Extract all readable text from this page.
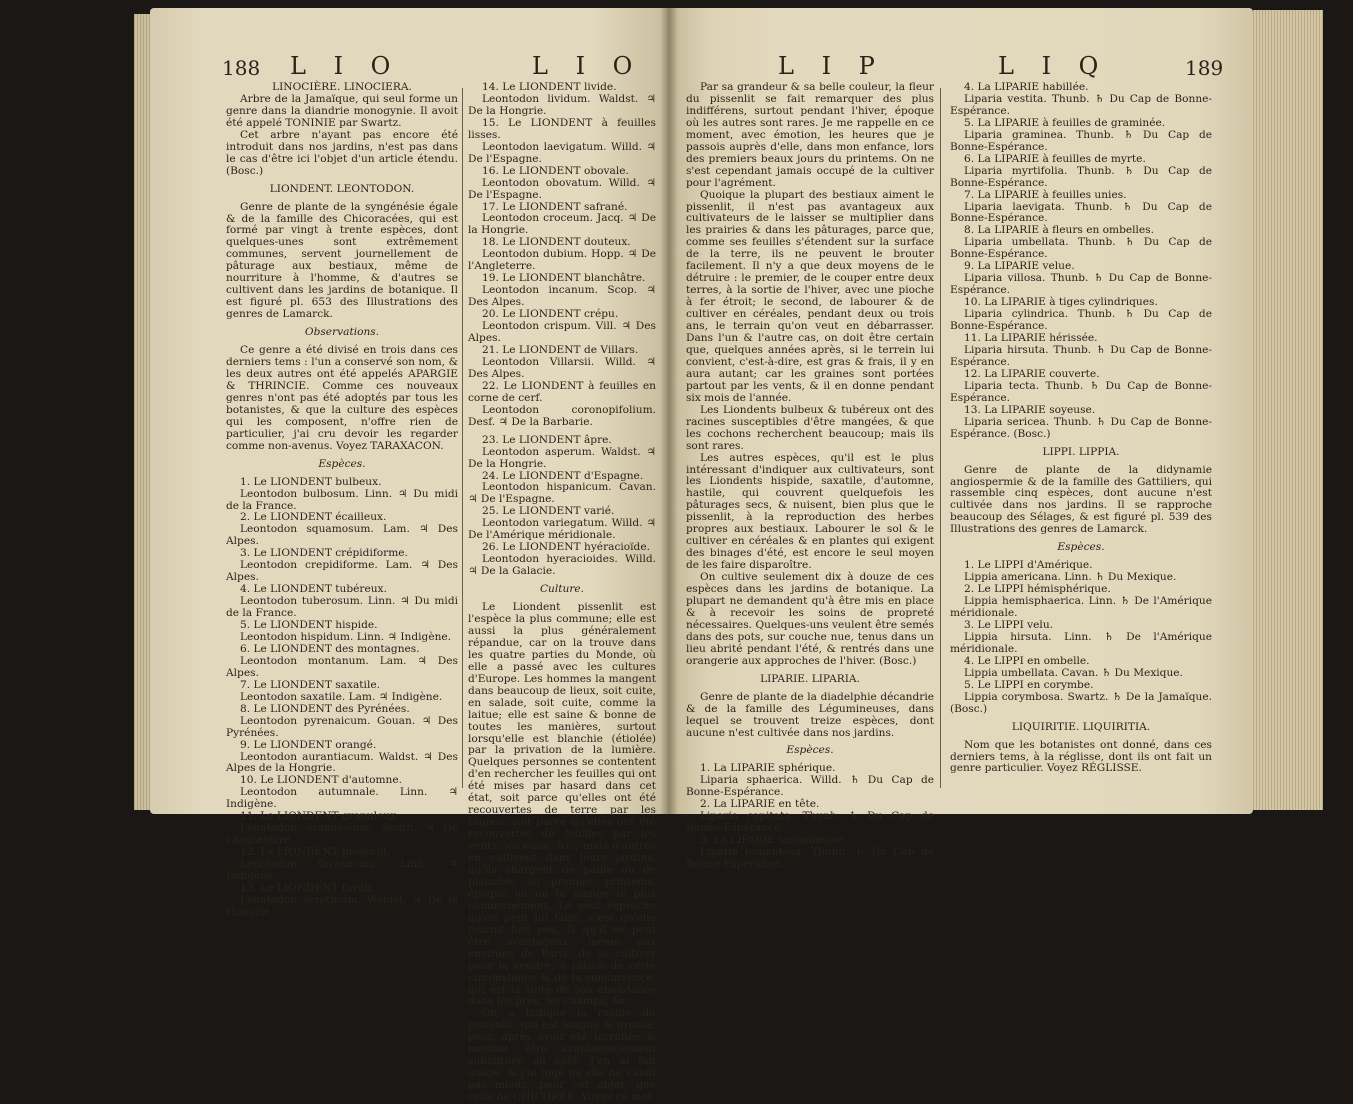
188 L I O	L I O

LINOCIÈRE. LINOCIERA.

Arbre de la Jamaïque, qui seul forme un genre dans la diandrie monogynie. Il avoit été appelé TONINIE par Swartz.

Cet arbre n'ayant pas encore été introduit dans nos jardins, n'est pas dans le cas d'être ici l'objet d'un article étendu. (Bosc.)

LIONDENT. LEONTODON.

Genre de plante de la syngénésie égale & de la famille des Chicoracées, qui est formé par vingt à trente espèces, dont quelques-unes sont extrêmement communes, servent journellement de pâturage aux bestiaux, même de nourriture à l'homme, & d'autres se cultivent dans les jardins de botanique. Il est figuré pl. 653 des Illustrations des genres de Lamarck.

Observations.

Ce genre a été divisé en trois dans ces derniers tems : l'un a conservé son nom, & les deux autres ont été appelés APARGIE & THRINCIE. Comme ces nouveaux genres n'ont pas été adoptés par tous les botanistes, & que la culture des espèces qui les composent, n'offre rien de particulier, j'ai cru devoir les regarder comme non-avenus. Voyez TARAXACON.

Espèces.

1. Le LIONDENT bulbeux.

Leontodon bulbosum. Linn. ♃ Du midi de la France.

2. Le LIONDENT écailleux.

Leontodon squamosum. Lam. ♃ Des Alpes.

3. Le LIONDENT crépidiforme.

Leontodon crepidiforme. Lam. ♃ Des Alpes.

4. Le LIONDENT tubéreux.

Leontodon tuberosum. Linn. ♃ Du midi de la France.

5. Le LIONDENT hispide.

Leontodon hispidum. Linn. ♃ Indigène.

6. Le LIONDENT des montagnes.

Leontodon montanum. Lam. ♃ Des Alpes.

7. Le LIONDENT saxatile.

Leontodon saxatile. Lam. ♃ Indigène.

8. Le LIONDENT des Pyrénées.

Leontodon pyrenaicum. Gouan. ♃ Des Pyrénées.

9. Le LIONDENT orangé.

Leontodon aurantiacum. Waldst. ♃ Des Alpes de la Hongrie.

10. Le LIONDENT d'automne.

Leontodon autumnale. Linn. ♃ Indigène.

11. Le LIONDENT granuleux.

Leontodon granulosum. Smith. ♃ De l'Angleterre.

12. Le LIONDENT pissenlit.

Leontodon taraxacum. Linn. ♃ Indigène.

13. Le LIONDENT tardif.

Leontodon serotinum. Waldst. ♃ De la Hongrie.

14. Le LIONDENT livide.

Leontodon lividum. Waldst. ♃ De la Hongrie.

15. Le LIONDENT à feuilles lisses.

Leontodon laevigatum. Willd. ♃ De l'Espagne.

16. Le LIONDENT obovale.

Leontodon obovatum. Willd. ♃ De l'Espagne.

17. Le LIONDENT safrané.

Leontodon croceum. Jacq. ♃ De la Hongrie.

18. Le LIONDENT douteux.

Leontodon dubium. Hopp. ♃ De l'Angleterre.

19. Le LIONDENT blanchâtre.

Leontodon incanum. Scop. ♃ Des Alpes.

20. Le LIONDENT crépu.

Leontodon crispum. Vill. ♃ Des Alpes.

21. Le LIONDENT de Villars.

Leontodon Villarsii. Willd. ♃ Des Alpes.

22. Le LIONDENT à feuilles en corne de cerf.

Leontodon coronopifolium. Desf. ♃ De la Barbarie.

23. Le LIONDENT âpre.

Leontodon asperum. Waldst. ♃ De la Hongrie.

24. Le LIONDENT d'Espagne.

Leontodon hispanicum. Cavan. ♃ De l'Espagne.

25. Le LIONDENT varié.

Leontodon variegatum. Willd. ♃ De l'Amérique méridionale.

26. Le LIONDENT hyéracioïde.

Leontodon hyeracioides. Willd. ♃ De la Galacie.

Culture.

Le Liondent pissenlit est l'espèce la plus commune; elle est aussi la plus généralement répandue, car on la trouve dans les quatre parties du Monde, où elle a passé avec les cultures d'Europe. Les hommes la mangent dans beaucoup de lieux, soit cuite, en salade, soit cuite, comme la laitue; elle est saine & bonne de toutes les manières, surtout lorsqu'elle est blanchie (étiolée) par la privation de la lumière. Quelques personnes se contentent d'en rechercher les feuilles qui ont été mises par hasard dans cet état, soit parce qu'elles ont été recouvertes de terre par les taupes, soit parce qu'elles ont été recouvertes de feuilles par les vents, les eaux, &c.; mais d'autres en cultivent dans leurs jardins, qu'ils chargent de paille ou de planches au premier printems, époque où on la mange le plus communément. Le seul reproche qu'on peut lui faire, c'est qu'elle fournit fort peu, & qu'il ne peut être avantageux, même aux environs de Paris, de la cultiver pour la vendre, à raison de cette circonstance & de la concurrence, qui est la suite de son abondance dans les prés, les champs, &c.

On a indiqué la racine du pissenlit, qui est longue & grosse, pour, après avoir été torréfiée & moulue, être avantageusement substituée au café. J'en ai fait usage, & j'ai jugé qu'elle ne valoit pas mieux, pour cet objet, que celle de CHICORÉE. Voyez ce mot.

L I P	L I Q	189

Par sa grandeur & sa belle couleur, la fleur du pissenlit se fait remarquer des plus indifférens, surtout pendant l'hiver, époque où les autres sont rares. Je me rappelle en ce moment, avec émotion, les heures que je passois auprès d'elle, dans mon enfance, lors des premiers beaux jours du printems. On ne s'est cependant jamais occupé de la cultiver pour l'agrément.

Quoique la plupart des bestiaux aiment le pissenlit, il n'est pas avantageux aux cultivateurs de le laisser se multiplier dans les prairies & dans les pâturages, parce que, comme ses feuilles s'étendent sur la surface de la terre, ils ne peuvent le brouter facilement. Il n'y a que deux moyens de le détruire : le premier, de le couper entre deux terres, à la sortie de l'hiver, avec une pioche à fer étroit; le second, de labourer & de cultiver en céréales, pendant deux ou trois ans, le terrain qu'on veut en débarrasser. Dans l'un & l'autre cas, on doit être certain que, quelques années après, si le terrein lui convient, c'est-à-dire, est gras & frais, il y en aura autant; car les graines sont portées partout par les vents, & il en donne pendant six mois de l'année.

Les Liondents bulbeux & tubéreux ont des racines susceptibles d'être mangées, & que les cochons recherchent beaucoup; mais ils sont rares.

Les autres espèces, qu'il est le plus intéressant d'indiquer aux cultivateurs, sont les Liondents hispide, saxatile, d'automne, hastile, qui couvrent quelquefois les pâturages secs, & nuisent, bien plus que le pissenlit, à la reproduction des herbes propres aux bestiaux. Labourer le sol & le cultiver en céréales & en plantes qui exigent des binages d'été, est encore le seul moyen de les faire disparoître.

On cultive seulement dix à douze de ces espèces dans les jardins de botanique. La plupart ne demandent qu'à être mis en place & à recevoir les soins de propreté nécessaires. Quelques-uns veulent être semés dans des pots, sur couche nue, tenus dans un lieu abrité pendant l'été, & rentrés dans une orangerie aux approches de l'hiver. (Bosc.)

LIPARIE. LIPARIA.

Genre de plante de la diadelphie décandrie & de la famille des Légumineuses, dans lequel se trouvent treize espèces, dont aucune n'est cultivée dans nos jardins.

Espèces.

1. La LIPARIE sphérique.

Liparia sphaerica. Willd. ♄ Du Cap de Bonne-Espérance.

2. La LIPARIE en tête.

Liparia capitata. Thunb. ♄ Du Cap de Bonne-Espérance.

3. La LIPARIE lanugineuse.

Liparia tomentosa. Thunb. ♄ Du Cap de Bonne-Espérance.

4. La LIPARIE habillée.

Liparia vestita. Thunb. ♄ Du Cap de Bonne-Espérance.

5. La LIPARIE à feuilles de graminée.

Liparia graminea. Thunb. ♄ Du Cap de Bonne-Espérance.

6. La LIPARIE à feuilles de myrte.

Liparia myrtifolia. Thunb. ♄ Du Cap de Bonne-Espérance.

7. La LIPARIE à feuilles unies.

Liparia laevigata. Thunb. ♄ Du Cap de Bonne-Espérance.

8. La LIPARIE à fleurs en ombelles.

Liparia umbellata. Thunb. ♄ Du Cap de Bonne-Espérance.

9. La LIPARIE velue.

Liparia villosa. Thunb. ♄ Du Cap de Bonne-Espérance.

10. La LIPARIE à tiges cylindriques.

Liparia cylindrica. Thunb. ♄ Du Cap de Bonne-Espérance.

11. La LIPARIE hérissée.

Liparia hirsuta. Thunb. ♄ Du Cap de Bonne-Espérance.

12. La LIPARIE couverte.

Liparia tecta. Thunb. ♄ Du Cap de Bonne-Espérance.

13. La LIPARIE soyeuse.

Liparia sericea. Thunb. ♄ Du Cap de Bonne-Espérance. (Bosc.)

LIPPI. LIPPIA.

Genre de plante de la didynamie angiospermie & de la famille des Gattiliers, qui rassemble cinq espèces, dont aucune n'est cultivée dans nos jardins. Il se rapproche beaucoup des Sélages, & est figuré pl. 539 des Illustrations des genres de Lamarck.

Espèces.

1. Le LIPPI d'Amérique.

Lippia americana. Linn. ♄ Du Mexique.

2. Le LIPPI hémisphérique.

Lippia hemisphaerica. Linn. ♄ De l'Amérique méridionale.

3. Le LIPPI velu.

Lippia hirsuta. Linn. ♄ De l'Amérique méridionale.

4. Le LIPPI en ombelle.

Lippia umbellata. Cavan. ♄ Du Mexique.

5. Le LIPPI en corymbe.

Lippia corymbosa. Swartz. ♄ De la Jamaïque. (Bosc.)

LIQUIRITIE. LIQUIRITIA.

Nom que les botanistes ont donné, dans ces derniers tems, à la réglisse, dont ils ont fait un genre particulier. Voyez RÉGLISSE.
